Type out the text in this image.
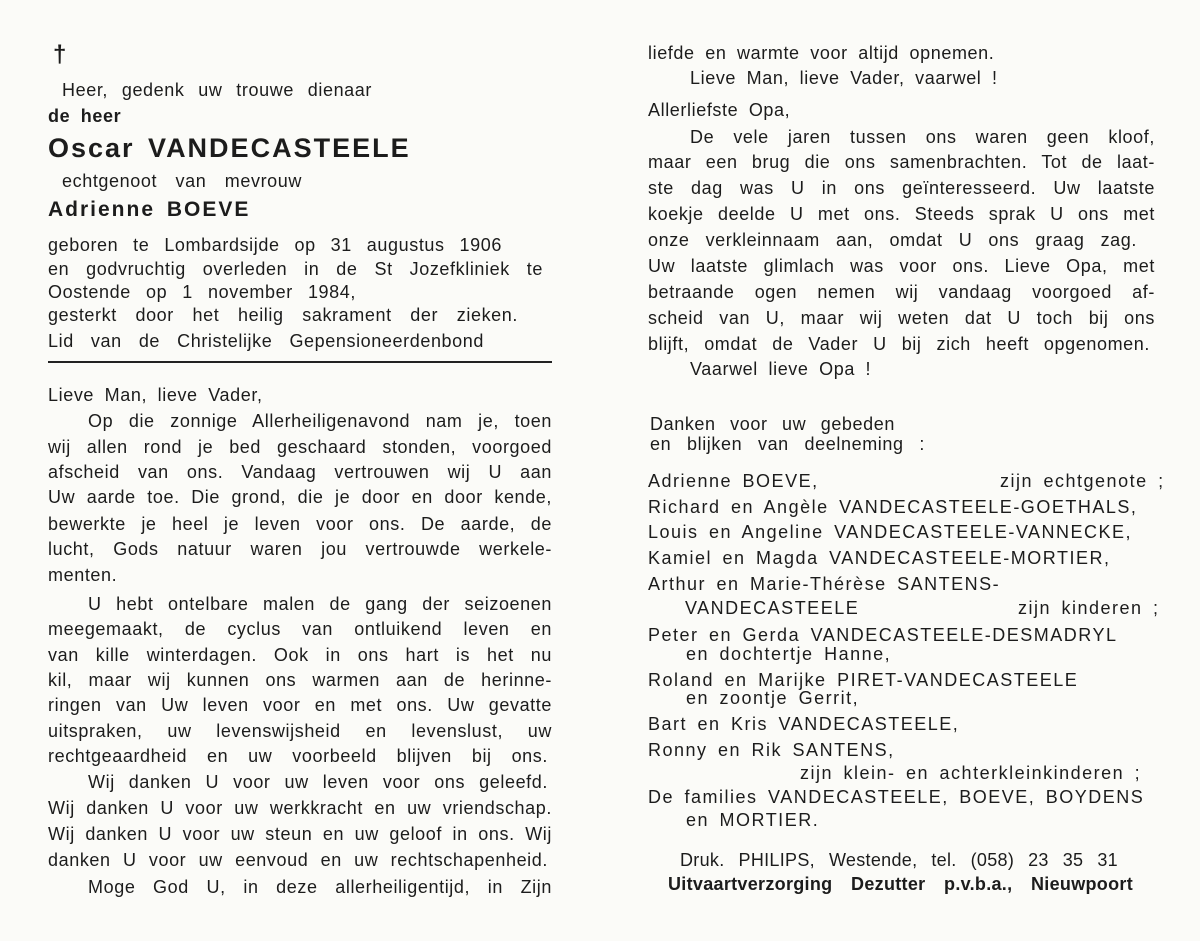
†
Heer, gedenk uw trouwe dienaar
de heer
Oscar VANDECASTEELE
echtgenoot van mevrouw
Adrienne BOEVE
geboren te Lombardsijde op 31 augustus 1906
en godvruchtig overleden in de St Jozefkliniek te
Oostende op 1 november 1984,
gesterkt door het heilig sakrament der zieken.
Lid van de Christelijke Gepensioneerdenbond
Lieve Man, lieve Vader,
Op die zonnige Allerheiligenavond nam je, toen
wij allen rond je bed geschaard stonden, voorgoed
afscheid van ons. Vandaag vertrouwen wij U aan
Uw aarde toe. Die grond, die je door en door kende,
bewerkte je heel je leven voor ons. De aarde, de
lucht, Gods natuur waren jou vertrouwde werkele-
menten.
U hebt ontelbare malen de gang der seizoenen
meegemaakt, de cyclus van ontluikend leven en
van kille winterdagen. Ook in ons hart is het nu
kil, maar wij kunnen ons warmen aan de herinne-
ringen van Uw leven voor en met ons. Uw gevatte
uitspraken, uw levenswijsheid en levenslust, uw
rechtgeaardheid en uw voorbeeld blijven bij ons.
Wij danken U voor uw leven voor ons geleefd.
Wij danken U voor uw werkkracht en uw vriendschap.
Wij danken U voor uw steun en uw geloof in ons. Wij
danken U voor uw eenvoud en uw rechtschapenheid.
Moge God U, in deze allerheiligentijd, in Zijn
liefde en warmte voor altijd opnemen.
Lieve Man, lieve Vader, vaarwel !
Allerliefste Opa,
De vele jaren tussen ons waren geen kloof,
maar een brug die ons samenbrachten. Tot de laat-
ste dag was U in ons geïnteresseerd. Uw laatste
koekje deelde U met ons. Steeds sprak U ons met
onze verkleinnaam aan, omdat U ons graag zag.
Uw laatste glimlach was voor ons. Lieve Opa, met
betraande ogen nemen wij vandaag voorgoed af-
scheid van U, maar wij weten dat U toch bij ons
blijft, omdat de Vader U bij zich heeft opgenomen.
Vaarwel lieve Opa !
Danken voor uw gebeden
en blijken van deelneming :
Adrienne BOEVE,	zijn echtgenote ;
Richard en Angèle VANDECASTEELE-GOETHALS,
Louis en Angeline VANDECASTEELE-VANNECKE,
Kamiel en Magda VANDECASTEELE-MORTIER,
Arthur en Marie-Thérèse SANTENS-
VANDECASTEELE	zijn kinderen ;
Peter en Gerda VANDECASTEELE-DESMADRYL
en dochtertje Hanne,
Roland en Marijke PIRET-VANDECASTEELE
en zoontje Gerrit,
Bart en Kris VANDECASTEELE,
Ronny en Rik SANTENS,
zijn klein- en achterkleinkinderen ;
De families VANDECASTEELE, BOEVE, BOYDENS
en MORTIER.
Druk. PHILIPS, Westende, tel. (058) 23 35 31
Uitvaartverzorging Dezutter p.v.b.a., Nieuwpoort
